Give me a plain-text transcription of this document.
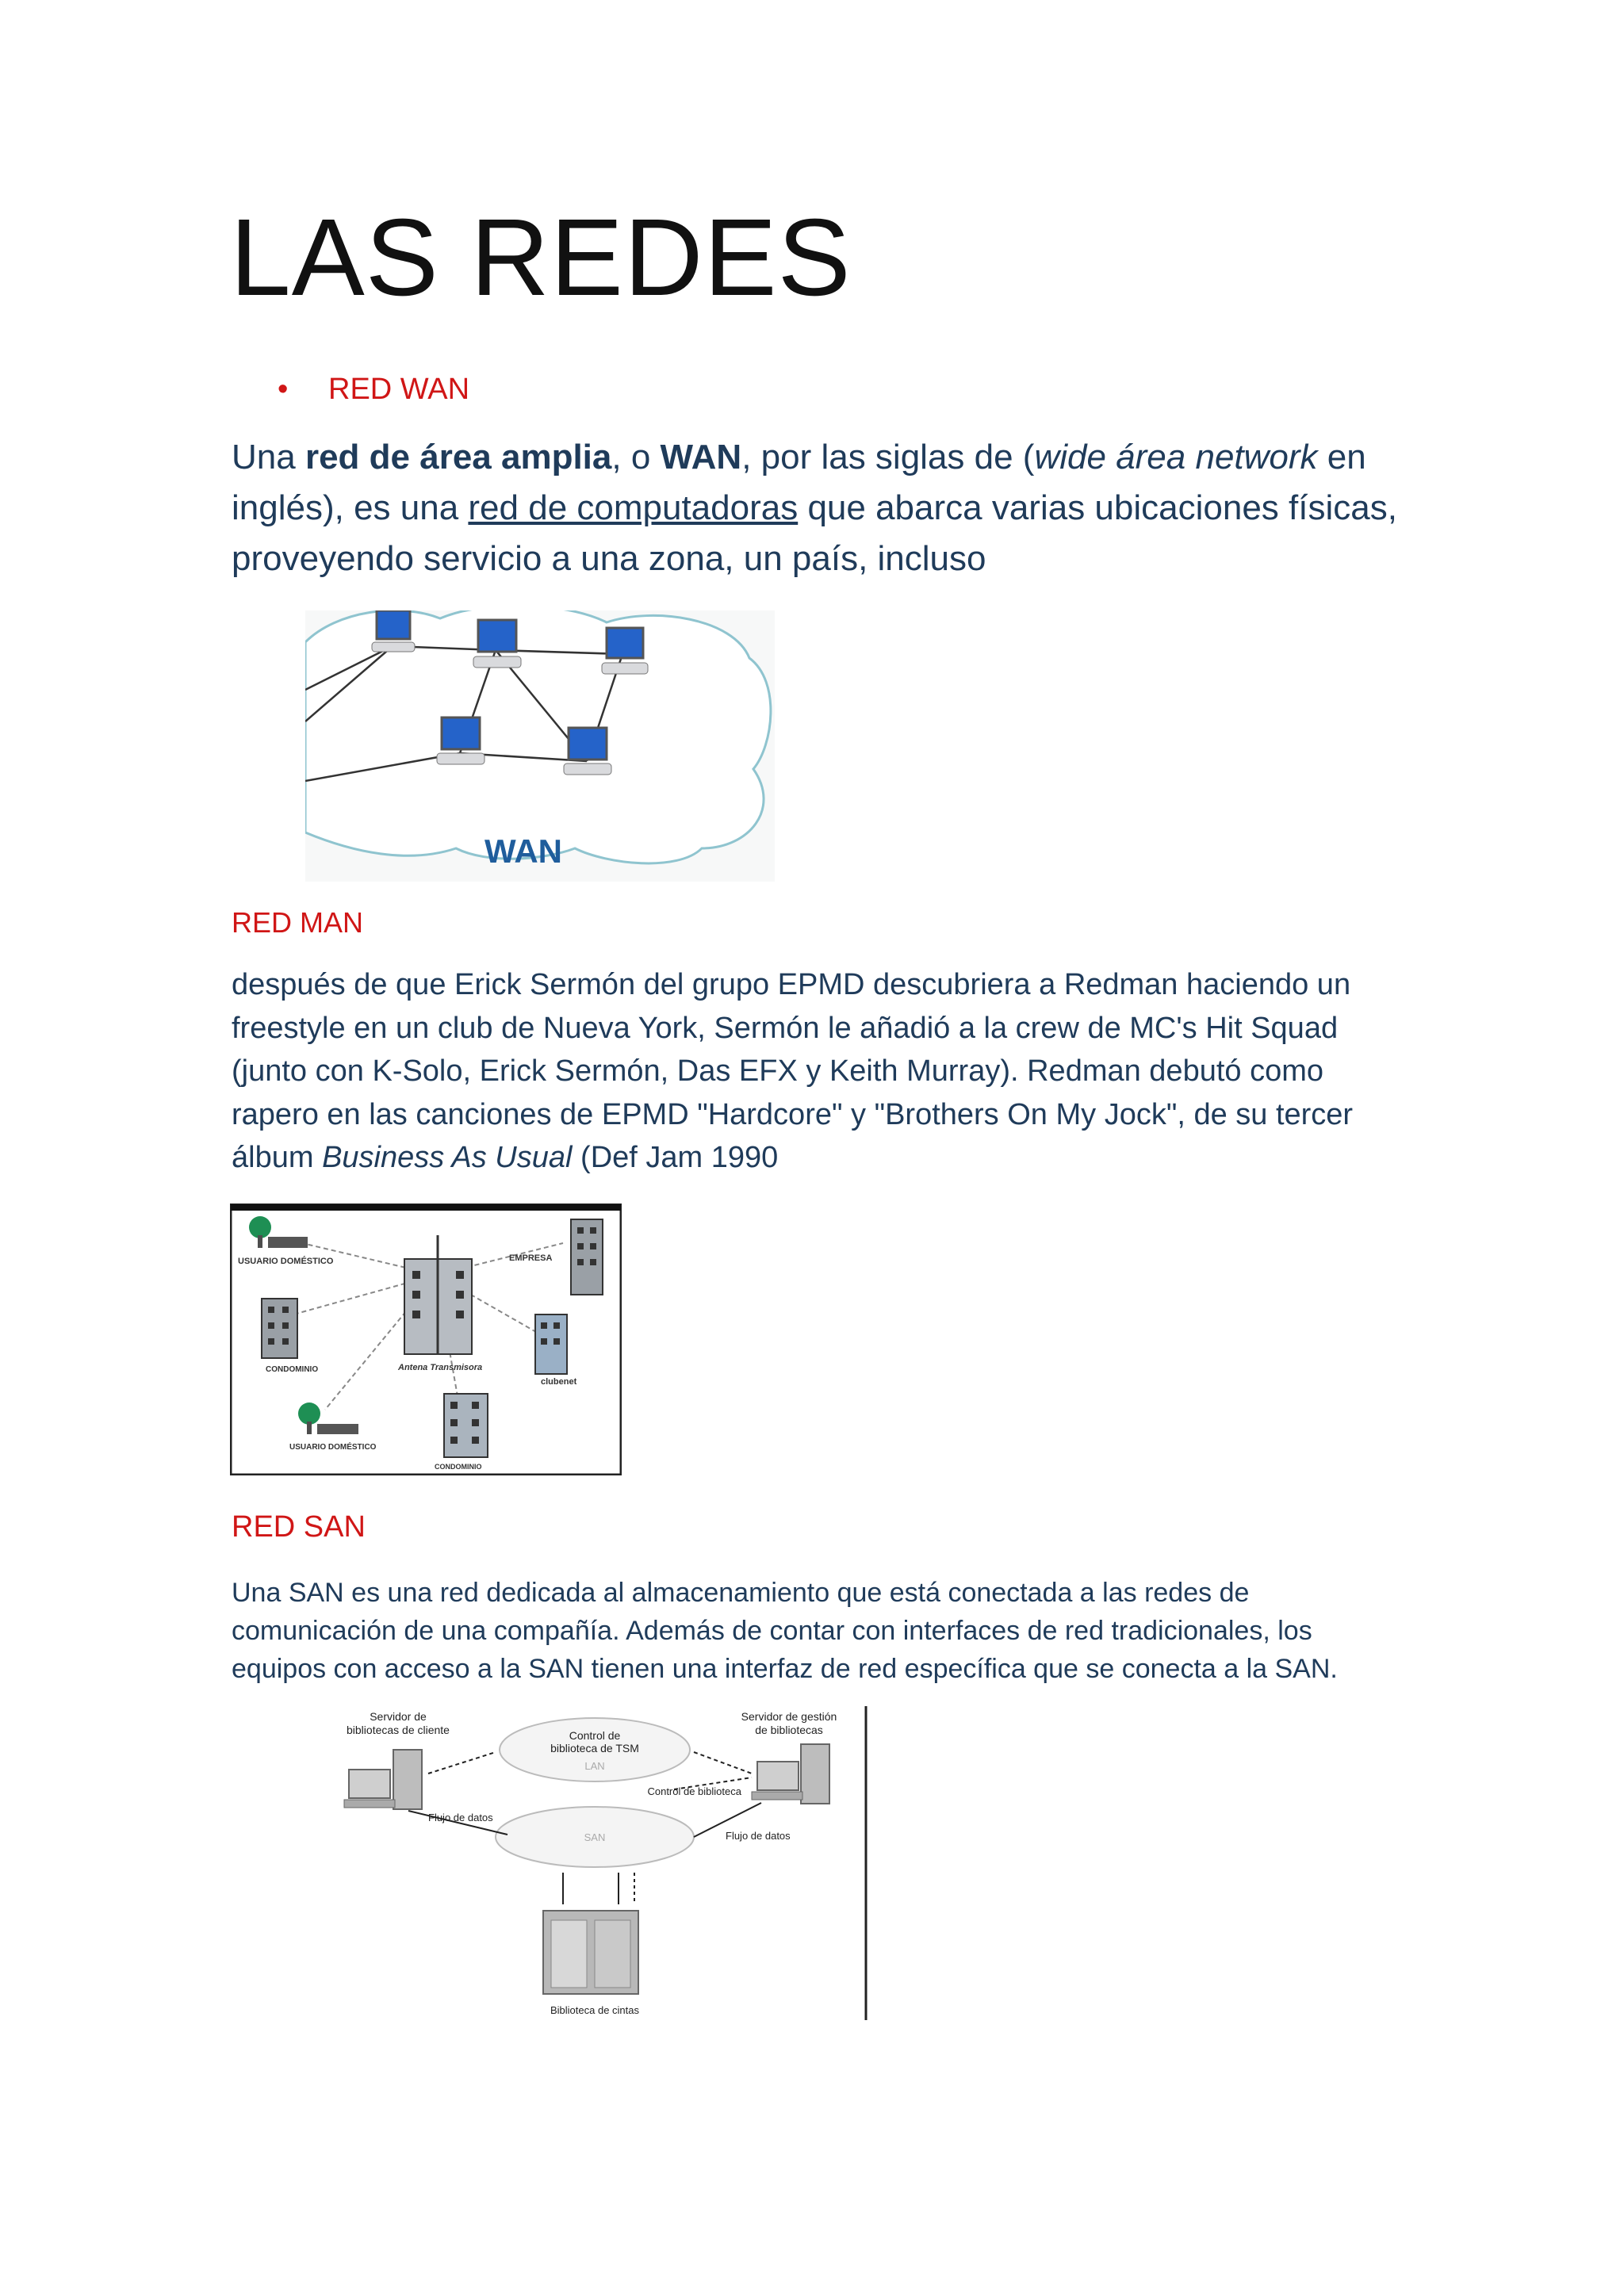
LAS REDES
• RED WAN

Una red de área amplia, o WAN, por las siglas de (wide área network en inglés), es una red de computadoras que abarca varias ubicaciones físicas, proveyendo servicio a una zona, un país, incluso

WAN
RED MAN

después de que Erick Sermón del grupo EPMD descubriera a Redman haciendo un freestyle en un club de Nueva York, Sermón le añadió a la crew de MC's Hit Squad (junto con K-Solo, Erick Sermón, Das EFX y Keith Murray). Redman debutó como rapero en las canciones de EPMD "Hardcore" y "Brothers On My Jock", de su tercer álbum Business As Usual (Def Jam 1990

USUARIO DOMÉSTICO	EMPRESA
Antena Transmisora
CONDOMINIO
clubenet
USUARIO DOMÉSTICO
CONDOMINIO
RED SAN

Una SAN es una red dedicada al almacenamiento que está conectada a las redes de comunicación de una compañía. Además de contar con interfaces de red tradicionales, los equipos con acceso a la SAN tienen una interfaz de red específica que se conecta a la SAN.

Servidor de
bibliotecas de cliente
Servidor de gestión
de bibliotecas
Control de
biblioteca de TSM
LAN
SAN
Control de biblioteca
Flujo de datos
Flujo de datos
Biblioteca de cintas
